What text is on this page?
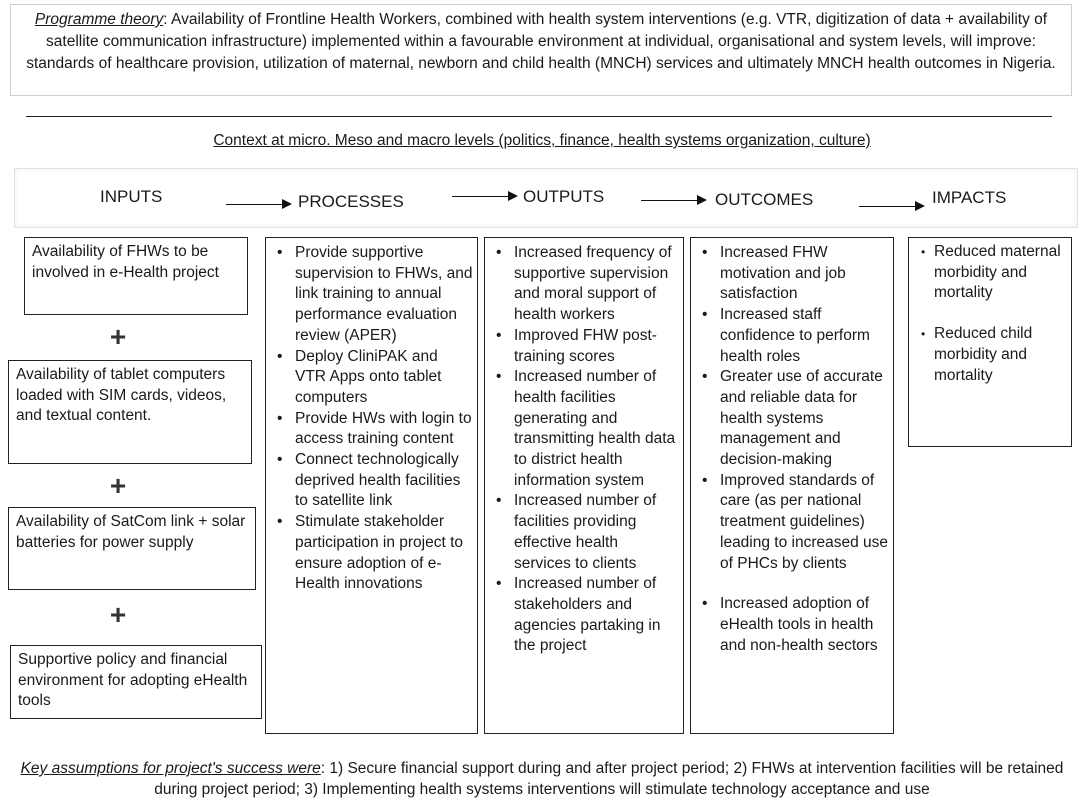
Programme theory: Availability of Frontline Health Workers, combined with health system interventions (e.g. VTR, digitization of data + availability of satellite communication infrastructure) implemented within a favourable environment at individual, organisational and system levels, will improve: standards of healthcare provision, utilization of maternal, newborn and child health (MNCH) services and ultimately MNCH health outcomes in Nigeria.
Context at micro. Meso and macro levels (politics, finance, health systems organization, culture)
INPUTS	PROCESSES	OUTPUTS	OUTCOMES	IMPACTS
Availability of FHWs to be involved in e-Health project
+
Availability of tablet computers loaded with SIM cards, videos, and textual content.
+
Availability of SatCom link + solar batteries for power supply
+
Supportive policy and financial environment for adopting eHealth tools
• Provide supportive supervision to FHWs, and link training to annual performance evaluation review (APER)
• Deploy CliniPAK and VTR Apps onto tablet computers
• Provide HWs with login to access training content
• Connect technologically deprived health facilities to satellite link
• Stimulate stakeholder participation in project to ensure adoption of e-Health innovations
• Increased frequency of supportive supervision and moral support of health workers
• Improved FHW post-training scores
• Increased number of health facilities generating and transmitting health data to district health information system
• Increased number of facilities providing effective health services to clients
• Increased number of stakeholders and agencies partaking in the project
• Increased FHW motivation and job satisfaction
• Increased staff confidence to perform health roles
• Greater use of accurate and reliable data for health systems management and decision-making
• Improved standards of care (as per national treatment guidelines) leading to increased use of PHCs by clients
• Increased adoption of eHealth tools in health and non-health sectors
• Reduced maternal morbidity and mortality
• Reduced child morbidity and mortality
Key assumptions for project's success were: 1) Secure financial support during and after project period; 2) FHWs at intervention facilities will be retained during project period; 3) Implementing health systems interventions will stimulate technology acceptance and use
